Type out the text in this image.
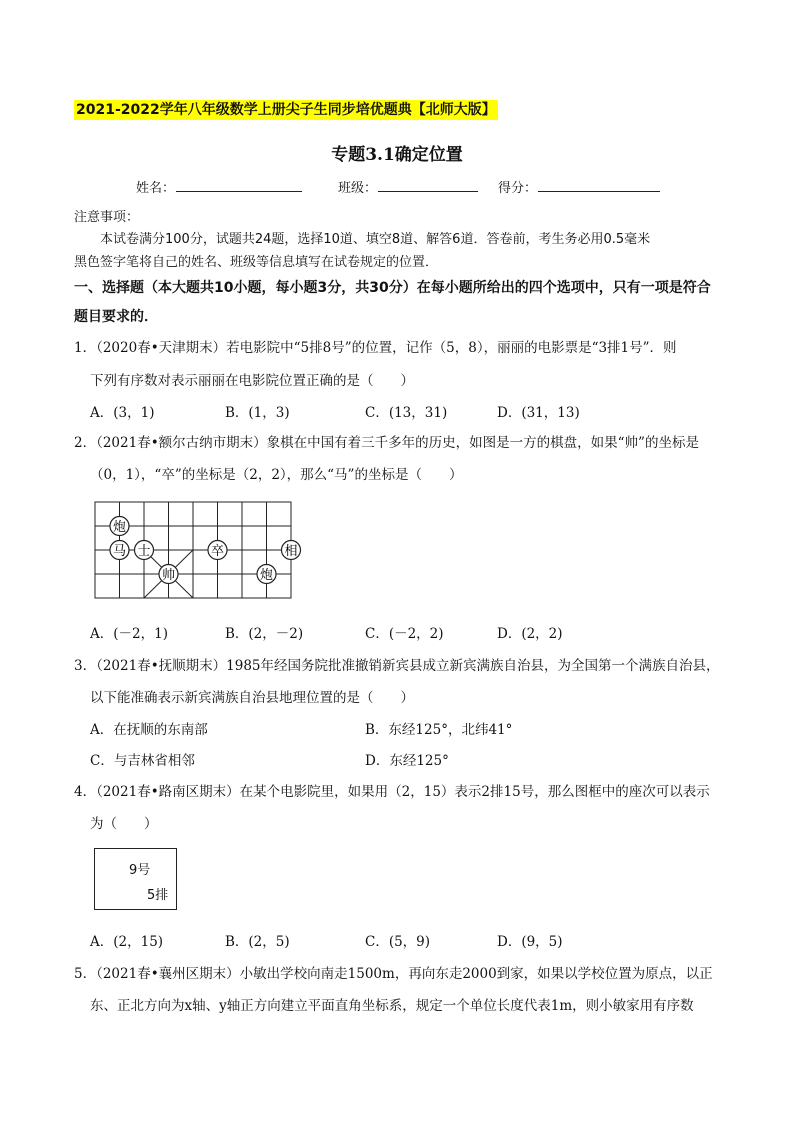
2021-2022学年八年级数学上册尖子生同步培优题典【北师大版】
专题3.1确定位置
姓名：	班级：	得分：
注意事项：
本试卷满分100分，试题共24题，选择10道、填空8道、解答6道．答卷前，考生务必用0.5毫米
黑色签字笔将自己的姓名、班级等信息填写在试卷规定的位置．
一、选择题（本大题共10小题，每小题3分，共30分）在每小题所给出的四个选项中，只有一项是符合
题目要求的．
1．（2020春•天津期末）若电影院中“5排8号”的位置，记作（5，8），丽丽的电影票是“3排1号”．则
下列有序数对表示丽丽在电影院位置正确的是（　　）
A．(3，1)	B．(1，3)	C．(13，31)	D．(31，13)
2．（2021春•额尔古纳市期末）象棋在中国有着三千多年的历史，如图是一方的棋盘，如果“帅”的坐标是
（0，1），“卒”的坐标是（2，2），那么“马”的坐标是（　　）
炮
马 士	卒	相
帅	炮
A．(－2，1)	B．(2，－2)	C．(－2，2)	D．(2，2)
3．（2021春•抚顺期末）1985年经国务院批准撤销新宾县成立新宾满族自治县，为全国第一个满族自治县，
以下能准确表示新宾满族自治县地理位置的是（　　）
A．在抚顺的东南部	B．东经125°，北纬41°
C．与吉林省相邻	D．东经125°
4．（2021春•路南区期末）在某个电影院里，如果用（2，15）表示2排15号，那么图框中的座次可以表示
为（　　）
9号
5排
A．(2，15)	B．(2，5)	C．(5，9)	D．(9，5)
5．（2021春•襄州区期末）小敏出学校向南走1500m，再向东走2000到家，如果以学校位置为原点，以正
东、正北方向为x轴、y轴正方向建立平面直角坐标系，规定一个单位长度代表1m，则小敏家用有序数
